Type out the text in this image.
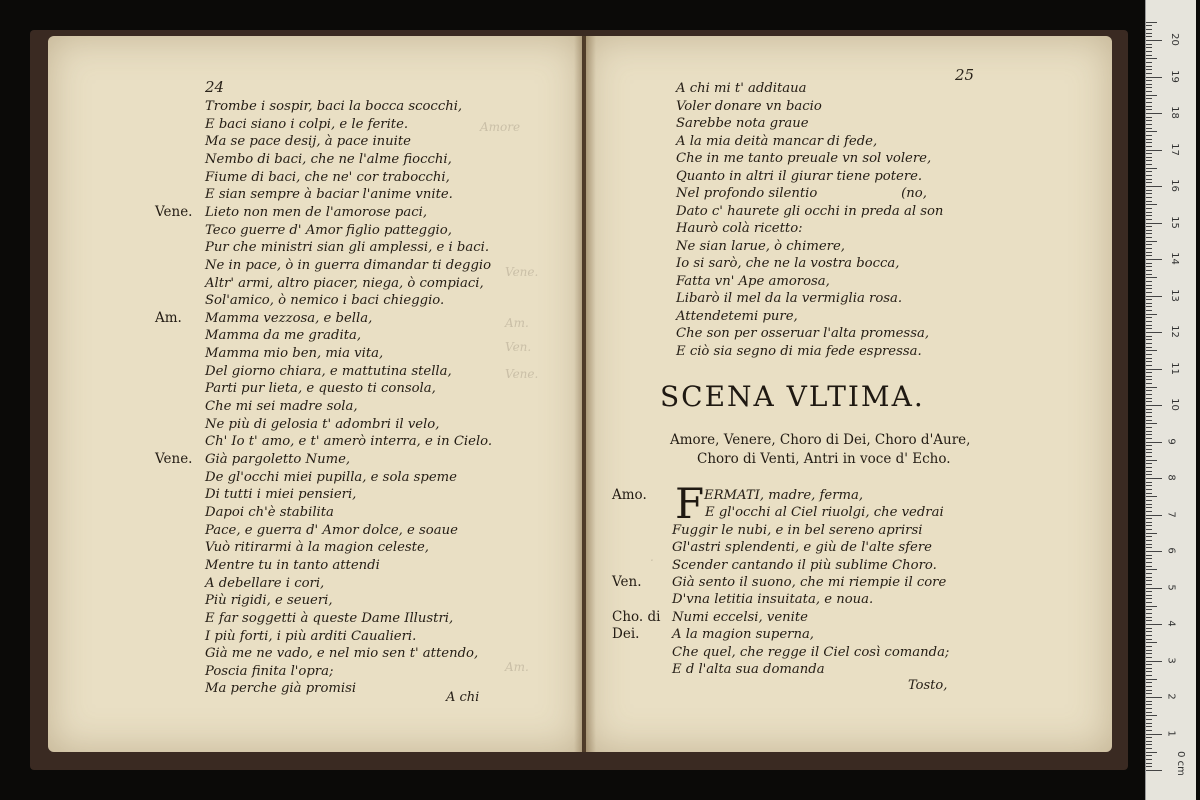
Amore
Vene.
Am.
Ven.
Vene.
Am.
.
24
25
Trombe i sospir, baci la bocca scocchi,
E baci siano i colpi, e le ferite.
Ma se pace desij, à pace inuite
Nembo di baci, che ne l'alme fiocchi,
Fiume di baci, che ne' cor trabocchi,
E sian sempre à baciar l'anime vnite.
Vene. Lieto non men de l'amorose paci,
Teco guerre d' Amor figlio patteggio,
Pur che ministri sian gli amplessi, e i baci.
Ne in pace, ò in guerra dimandar ti deggio
Altr' armi, altro piacer, niega, ò compiaci,
Sol'amico, ò nemico i baci chieggio.
Am. Mamma vezzosa, e bella,
Mamma da me gradita,
Mamma mio ben, mia vita,
Del giorno chiara, e mattutina stella,
Parti pur lieta, e questo ti consola,
Che mi sei madre sola,
Ne più di gelosia t' adombri il velo,
Ch' Io t' amo, e t' amerò interra, e in Cielo.
Vene. Già pargoletto Nume,
De gl'occhi miei pupilla, e sola speme
Di tutti i miei pensieri,
Dapoi ch'è stabilita
Pace, e guerra d' Amor dolce, e soaue
Vuò ritirarmi à la magion celeste,
Mentre tu in tanto attendi
A debellare i cori,
Più rigidi, e seueri,
E far soggetti à queste Dame Illustri,
I più forti, i più arditi Caualieri.
Già me ne vado, e nel mio sen t' attendo,
Poscia finita l'opra;
Ma perche già promisi
A chi
A chi mi t' additaua
Voler donare vn bacio
Sarebbe nota graue
A la mia deità mancar di fede,
Che in me tanto preuale vn sol volere,
Quanto in altri il giurar tiene potere.
Nel profondo silentio                    (no,
Dato c' haurete gli occhi in preda al son
Haurò colà ricetto:
Ne sian larue, ò chimere,
Io si sarò, che ne la vostra bocca,
Fatta vn' Ape amorosa,
Libarò il mel da la vermiglia rosa.
Attendetemi pure,
Che son per osseruar l'alta promessa,
E ciò sia segno di mia fede espressa.
SCENA VLTIMA.
Amore, Venere, Choro di Dei, Choro d'Aure,
Choro di Venti, Antri in voce d' Echo.
F
Amo.	ERMATI, madre, ferma,
E gl'occhi al Ciel riuolgi, che vedrai
Fuggir le nubi, e in bel sereno aprirsi
Gl'astri splendenti, e giù de l'alte sfere
Scender cantando il più sublime Choro.
Ven. Già sento il suono, che mi riempie il core
D'vna letitia insuitata, e noua.
Cho. di Numi eccelsi, venite
Dei. A la magion superna,
Che quel, che regge il Ciel così comanda;
E d l'alta sua domanda
Tosto,
1
2
3
4
5
6
7
8
9
10
11
12
13
14
15
16
17
18
19
20
0 cm
